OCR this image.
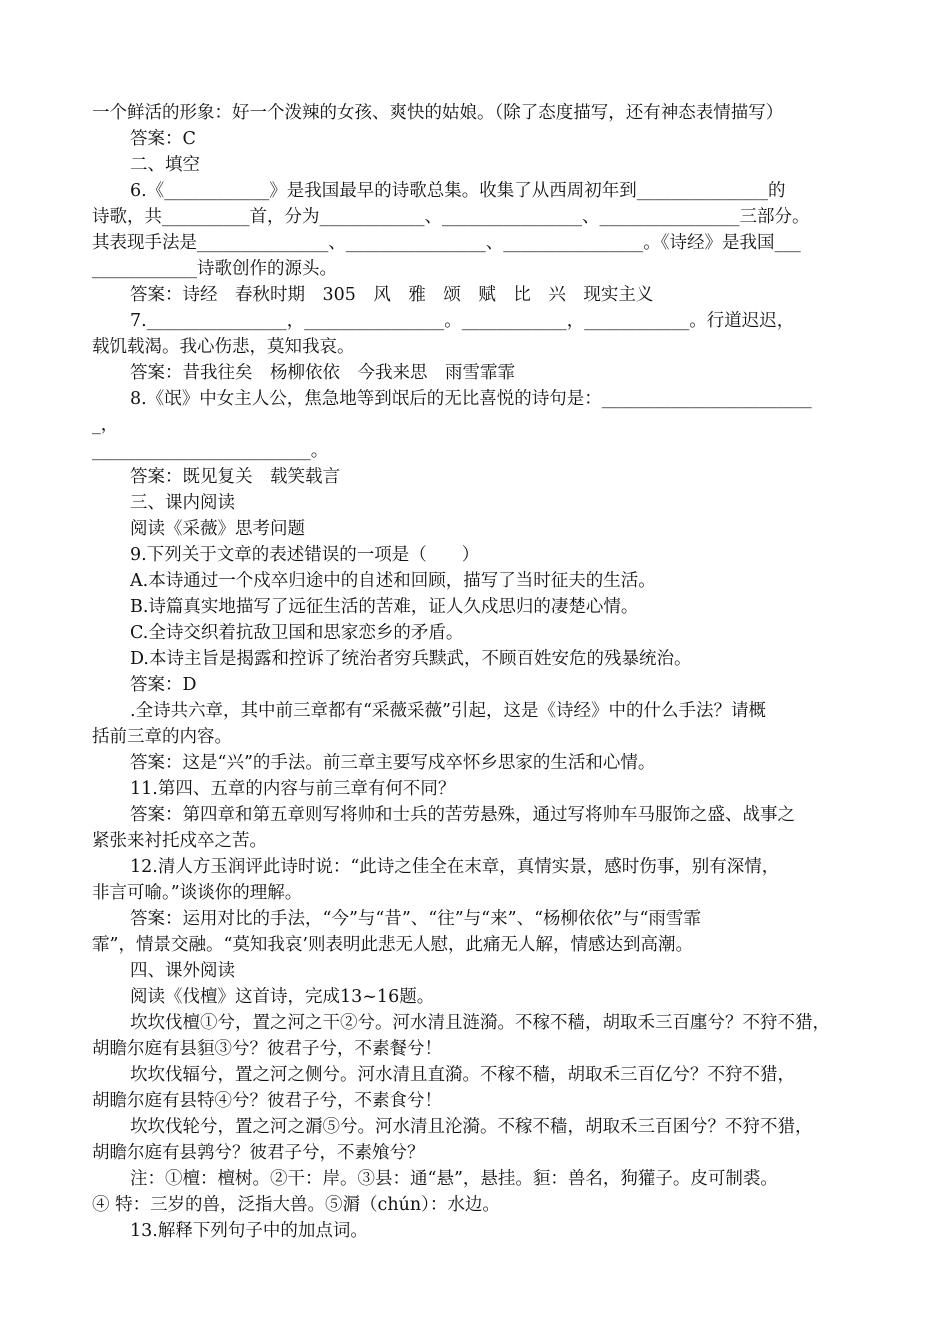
一个鲜活的形象：好一个泼辣的女孩、爽快的姑娘。（除了态度描写，还有神态表情描写）
答案：C
二、填空
6.《____________》是我国最早的诗歌总集。收集了从西周初年到_______________的
诗歌，共__________首，分为____________、________________、________________三部分。
其表现手法是_______________、________________、________________。《诗经》是我国___
____________诗歌创作的源头。
答案：诗经　春秋时期　305　风　雅　颂　赋　比　兴　现实主义
7.________________，________________。____________，____________。行道迟迟，
载饥载渴。我心伤悲，莫知我哀。
答案：昔我往矣　杨柳依依　今我来思　雨雪霏霏
8.《氓》中女主人公，焦急地等到氓后的无比喜悦的诗句是：________________________
_，
_________________________。
答案：既见复关　载笑载言
三、课内阅读
阅读《采薇》思考问题
9.下列关于文章的表述错误的一项是（　　）
A.本诗通过一个戍卒归途中的自述和回顾，描写了当时征夫的生活。
B.诗篇真实地描写了远征生活的苦难，证人久戍思归的凄楚心情。
C.全诗交织着抗敌卫国和思家恋乡的矛盾。
D.本诗主旨是揭露和控诉了统治者穷兵黩武，不顾百姓安危的残暴统治。
答案：D
.全诗共六章，其中前三章都有“采薇采薇”引起，这是《诗经》中的什么手法？请概
括前三章的内容。
答案：这是“兴”的手法。前三章主要写戍卒怀乡思家的生活和心情。
11.第四、五章的内容与前三章有何不同？
答案：第四章和第五章则写将帅和士兵的苦劳悬殊，通过写将帅车马服饰之盛、战事之
紧张来衬托戍卒之苦。
12.清人方玉润评此诗时说：“此诗之佳全在末章，真情实景，感时伤事，别有深情，
非言可喻。”谈谈你的理解。
答案：运用对比的手法，“今”与“昔”、“往”与“来”、“杨柳依依”与“雨雪霏
霏”，情景交融。“莫知我哀’则表明此悲无人慰，此痛无人解，情感达到高潮。
四、课外阅读
阅读《伐檀》这首诗，完成13~16题。
坎坎伐檀①兮，置之河之干②兮。河水清且涟漪。不稼不穑，胡取禾三百廛兮？不狩不猎，
胡瞻尔庭有县貆③兮？彼君子兮，不素餐兮！
坎坎伐辐兮，置之河之侧兮。河水清且直漪。不稼不穑，胡取禾三百亿兮？不狩不猎，
胡瞻尔庭有县特④兮？彼君子兮，不素食兮！
坎坎伐轮兮，置之河之漘⑤兮。河水清且沦漪。不稼不穑，胡取禾三百囷兮？不狩不猎，
胡瞻尔庭有县鹑兮？彼君子兮，不素飧兮？
注：①檀：檀树。②干：岸。③县：通“悬”，悬挂。貆：兽名，狗獾子。皮可制裘。
④ 特：三岁的兽，泛指大兽。⑤漘（chún）：水边。
13.解释下列句子中的加点词。
